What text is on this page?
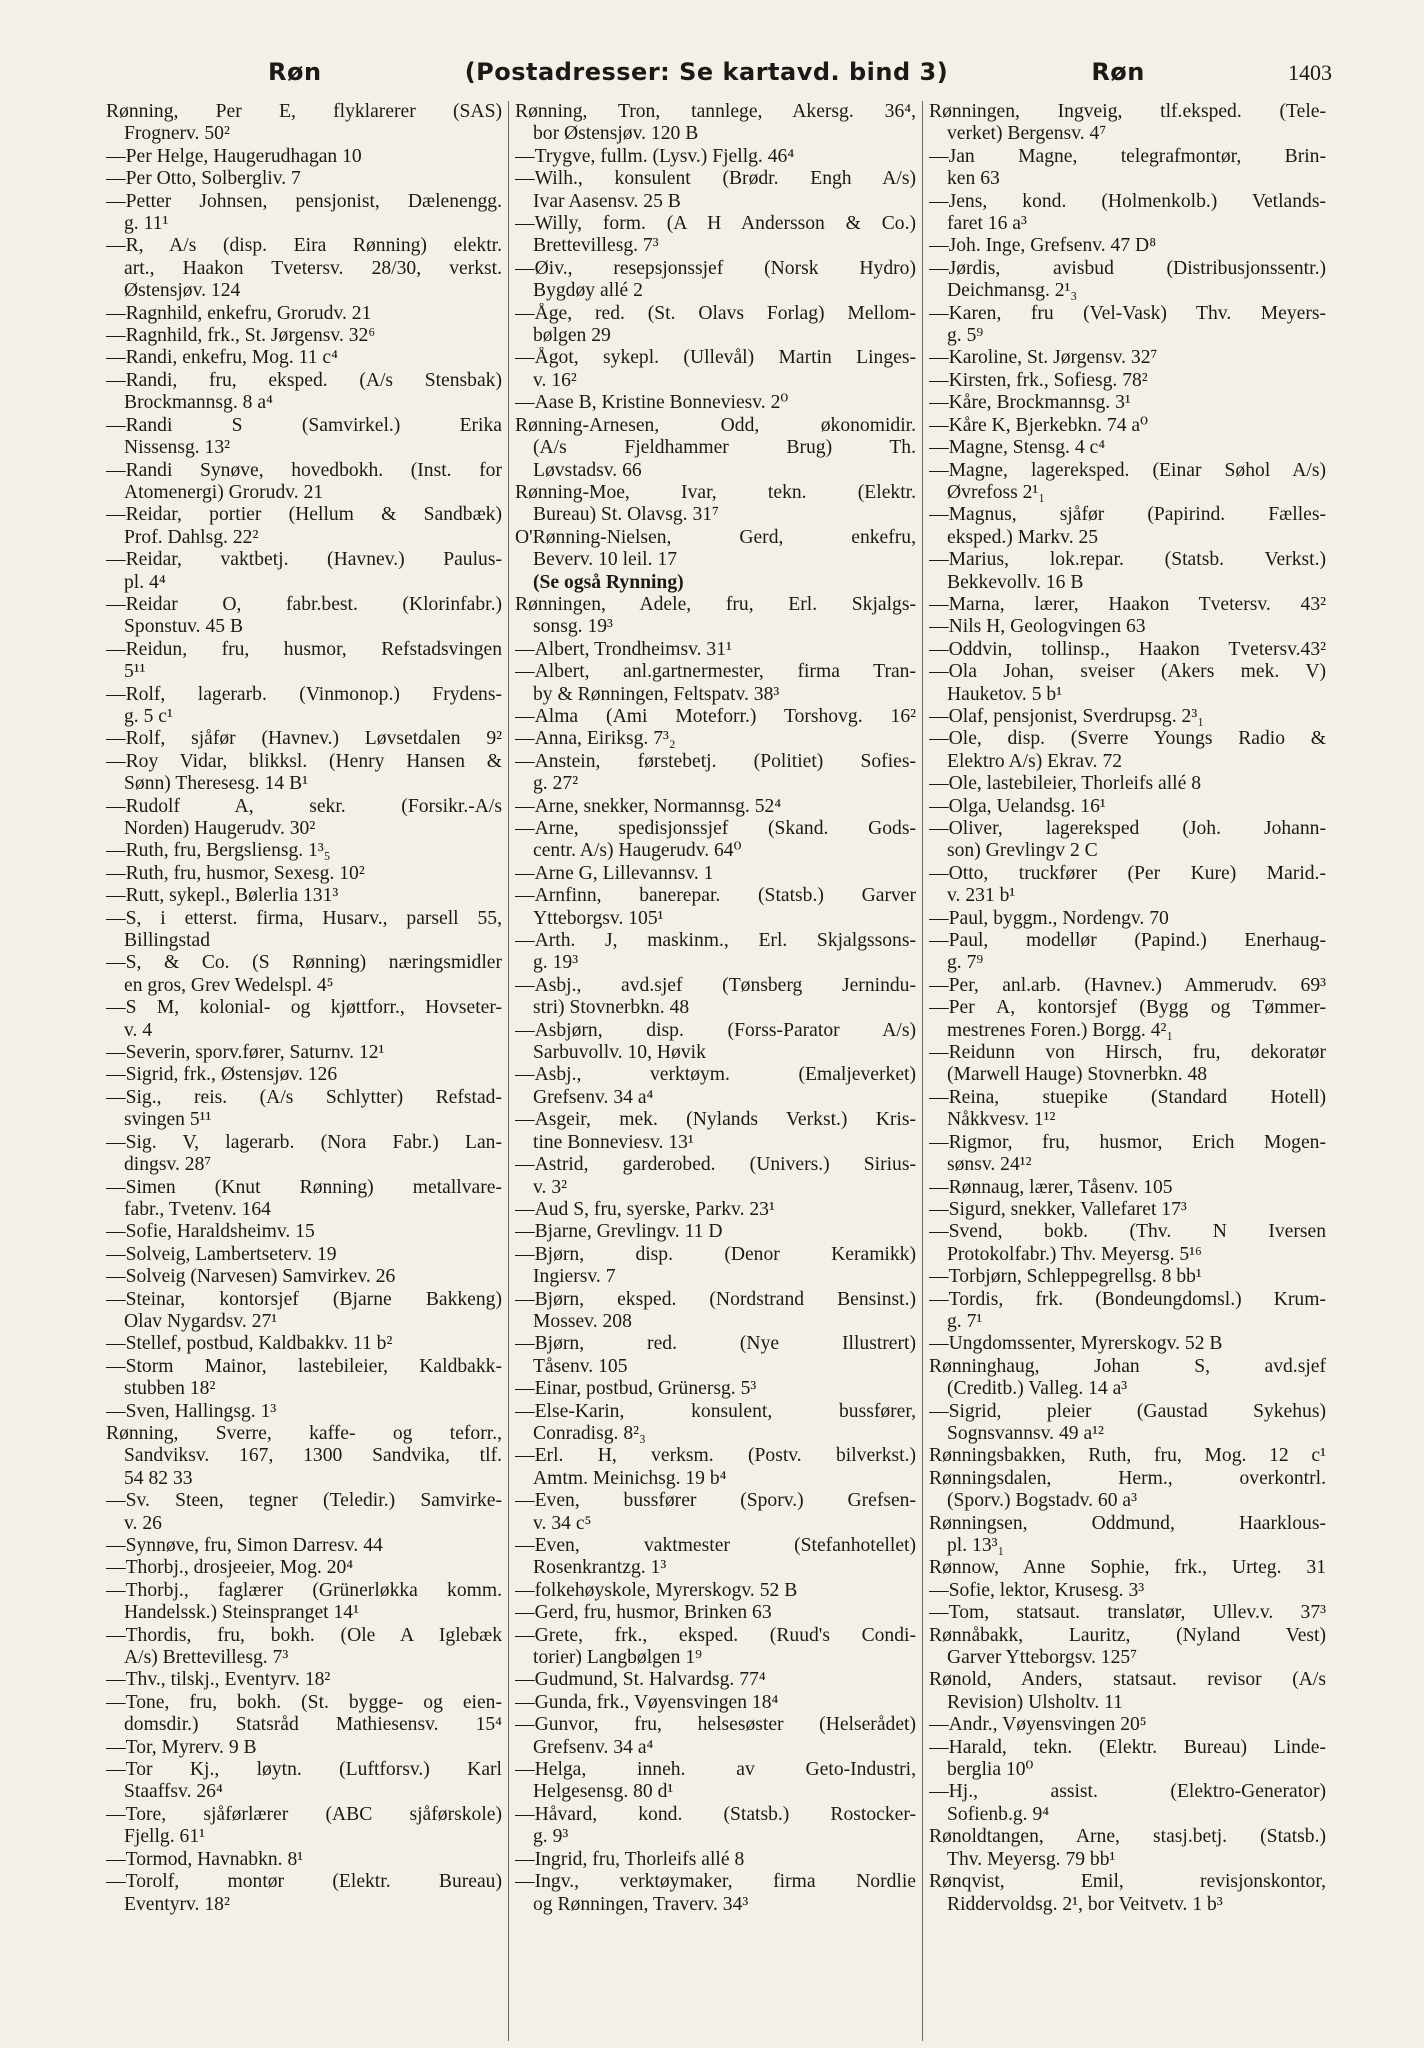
Røn	(Postadresser: Se kartavd. bind 3)	Røn	1403
Rønning, Per E, flyklarerer (SAS)
Frognerv. 50²
—Per Helge, Haugerudhagan 10
—Per Otto, Solbergliv. 7
—Petter Johnsen, pensjonist, Dælenengg.
g. 11¹
—R, A/s (disp. Eira Rønning) elektr.
art., Haakon Tvetersv. 28/30, verkst.
Østensjøv. 124
—Ragnhild, enkefru, Grorudv. 21
—Ragnhild, frk., St. Jørgensv. 32⁶
—Randi, enkefru, Mog. 11 c⁴
—Randi, fru, eksped. (A/s Stensbak)
Brockmannsg. 8 a⁴
—Randi S (Samvirkel.) Erika
Nissensg. 13²
—Randi Synøve, hovedbokh. (Inst. for
Atomenergi) Grorudv. 21
—Reidar, portier (Hellum & Sandbæk)
Prof. Dahlsg. 22²
—Reidar, vaktbetj. (Havnev.) Paulus-
pl. 4⁴
—Reidar O, fabr.best. (Klorinfabr.)
Sponstuv. 45 B
—Reidun, fru, husmor, Refstadsvingen
5¹¹
—Rolf, lagerarb. (Vinmonop.) Frydens-
g. 5 c¹
—Rolf, sjåfør (Havnev.) Løvsetdalen 9²
—Roy Vidar, blikksl. (Henry Hansen &
Sønn) Theresesg. 14 B¹
—Rudolf A, sekr. (Forsikr.-A/s
Norden) Haugerudv. 30²
—Ruth, fru, Bergsliensg. 1³₅
—Ruth, fru, husmor, Sexesg. 10²
—Rutt, sykepl., Bølerlia 131³
—S, i etterst. firma, Husarv., parsell 55,
Billingstad
—S, & Co. (S Rønning) næringsmidler
en gros, Grev Wedelspl. 4⁵
—S M, kolonial- og kjøttforr., Hovseter-
v. 4
—Severin, sporv.fører, Saturnv. 12¹
—Sigrid, frk., Østensjøv. 126
—Sig., reis. (A/s Schlytter) Refstad-
svingen 5¹¹
—Sig. V, lagerarb. (Nora Fabr.) Lan-
dingsv. 28⁷
—Simen (Knut Rønning) metallvare-
fabr., Tvetenv. 164
—Sofie, Haraldsheimv. 15
—Solveig, Lambertseterv. 19
—Solveig (Narvesen) Samvirkev. 26
—Steinar, kontorsjef (Bjarne Bakkeng)
Olav Nygardsv. 27¹
—Stellef, postbud, Kaldbakkv. 11 b²
—Storm Mainor, lastebileier, Kaldbakk-
stubben 18²
—Sven, Hallingsg. 1³
Rønning, Sverre, kaffe- og teforr.,
Sandviksv. 167, 1300 Sandvika, tlf.
54 82 33
—Sv. Steen, tegner (Teledir.) Samvirke-
v. 26
—Synnøve, fru, Simon Darresv. 44
—Thorbj., drosjeeier, Mog. 20⁴
—Thorbj., faglærer (Grünerløkka komm.
Handelssk.) Steinspranget 14¹
—Thordis, fru, bokh. (Ole A Iglebæk
A/s) Brettevillesg. 7³
—Thv., tilskj., Eventyrv. 18²
—Tone, fru, bokh. (St. bygge- og eien-
domsdir.) Statsråd Mathiesensv. 15⁴
—Tor, Myrerv. 9 B
—Tor Kj., løytn. (Luftforsv.) Karl
Staaffsv. 26⁴
—Tore, sjåførlærer (ABC sjåførskole)
Fjellg. 61¹
—Tormod, Havnabkn. 8¹
—Torolf, montør (Elektr. Bureau)
Eventyrv. 18²
Rønning, Tron, tannlege, Akersg. 36⁴,
bor Østensjøv. 120 B
—Trygve, fullm. (Lysv.) Fjellg. 46⁴
—Wilh., konsulent (Brødr. Engh A/s)
Ivar Aasensv. 25 B
—Willy, form. (A H Andersson & Co.)
Brettevillesg. 7³
—Øiv., resepsjonssjef (Norsk Hydro)
Bygdøy allé 2
—Åge, red. (St. Olavs Forlag) Mellom-
bølgen 29
—Ågot, sykepl. (Ullevål) Martin Linges-
v. 16²
—Aase B, Kristine Bonneviesv. 2⁰
Rønning-Arnesen, Odd, økonomidir.
(A/s Fjeldhammer Brug) Th.
Løvstadsv. 66
Rønning-Moe, Ivar, tekn. (Elektr.
Bureau) St. Olavsg. 31⁷
O'Rønning-Nielsen, Gerd, enkefru,
Beverv. 10 leil. 17
(Se også Rynning)
Rønningen, Adele, fru, Erl. Skjalgs-
sonsg. 19³
—Albert, Trondheimsv. 31¹
—Albert, anl.gartnermester, firma Tran-
by & Rønningen, Feltspatv. 38³
—Alma (Ami Moteforr.) Torshovg. 16²
—Anna, Eiriksg. 7³₂
—Anstein, førstebetj. (Politiet) Sofies-
g. 27²
—Arne, snekker, Normannsg. 52⁴
—Arne, spedisjonssjef (Skand. Gods-
centr. A/s) Haugerudv. 64⁰
—Arne G, Lillevannsv. 1
—Arnfinn, banerepar. (Statsb.) Garver
Ytteborgsv. 105¹
—Arth. J, maskinm., Erl. Skjalgssons-
g. 19³
—Asbj., avd.sjef (Tønsberg Jernindu-
stri) Stovnerbkn. 48
—Asbjørn, disp. (Forss-Parator A/s)
Sarbuvollv. 10, Høvik
—Asbj., verktøym. (Emaljeverket)
Grefsenv. 34 a⁴
—Asgeir, mek. (Nylands Verkst.) Kris-
tine Bonneviesv. 13¹
—Astrid, garderobed. (Univers.) Sirius-
v. 3²
—Aud S, fru, syerske, Parkv. 23¹
—Bjarne, Grevlingv. 11 D
—Bjørn, disp. (Denor Keramikk)
Ingiersv. 7
—Bjørn, eksped. (Nordstrand Bensinst.)
Mossev. 208
—Bjørn, red. (Nye Illustrert)
Tåsenv. 105
—Einar, postbud, Grünersg. 5³
—Else-Karin, konsulent, bussfører,
Conradisg. 8²₃
—Erl. H, verksm. (Postv. bilverkst.)
Amtm. Meinichsg. 19 b⁴
—Even, bussfører (Sporv.) Grefsen-
v. 34 c⁵
—Even, vaktmester (Stefanhotellet)
Rosenkrantzg. 1³
—folkehøyskole, Myrerskogv. 52 B
—Gerd, fru, husmor, Brinken 63
—Grete, frk., eksped. (Ruud's Condi-
torier) Langbølgen 1⁹
—Gudmund, St. Halvardsg. 77⁴
—Gunda, frk., Vøyensvingen 18⁴
—Gunvor, fru, helsesøster (Helserådet)
Grefsenv. 34 a⁴
—Helga, inneh. av Geto-Industri,
Helgesensg. 80 d¹
—Håvard, kond. (Statsb.) Rostocker-
g. 9³
—Ingrid, fru, Thorleifs allé 8
—Ingv., verktøymaker, firma Nordlie
og Rønningen, Traverv. 34³
Rønningen, Ingveig, tlf.eksped. (Tele-
verket) Bergensv. 4⁷
—Jan Magne, telegrafmontør, Brin-
ken 63
—Jens, kond. (Holmenkolb.) Vetlands-
faret 16 a³
—Joh. Inge, Grefsenv. 47 D⁸
—Jørdis, avisbud (Distribusjonssentr.)
Deichmansg. 2¹₃
—Karen, fru (Vel-Vask) Thv. Meyers-
g. 5⁹
—Karoline, St. Jørgensv. 32⁷
—Kirsten, frk., Sofiesg. 78²
—Kåre, Brockmannsg. 3¹
—Kåre K, Bjerkebkn. 74 a⁰
—Magne, Stensg. 4 c⁴
—Magne, lagereksped. (Einar Søhol A/s)
Øvrefoss 2¹₁
—Magnus, sjåfør (Papirind. Fælles-
eksped.) Markv. 25
—Marius, lok.repar. (Statsb. Verkst.)
Bekkevollv. 16 B
—Marna, lærer, Haakon Tvetersv. 43²
—Nils H, Geologvingen 63
—Oddvin, tollinsp., Haakon Tvetersv.43²
—Ola Johan, sveiser (Akers mek. V)
Hauketov. 5 b¹
—Olaf, pensjonist, Sverdrupsg. 2³₁
—Ole, disp. (Sverre Youngs Radio &
Elektro A/s) Ekrav. 72
—Ole, lastebileier, Thorleifs allé 8
—Olga, Uelandsg. 16¹
—Oliver, lagereksped (Joh. Johann-
son) Grevlingv 2 C
—Otto, truckfører (Per Kure) Marid.-
v. 231 b¹
—Paul, byggm., Nordengv. 70
—Paul, modellør (Papind.) Enerhaug-
g. 7⁹
—Per, anl.arb. (Havnev.) Ammerudv. 69³
—Per A, kontorsjef (Bygg og Tømmer-
mestrenes Foren.) Borgg. 4²₁
—Reidunn von Hirsch, fru, dekoratør
(Marwell Hauge) Stovnerbkn. 48
—Reina, stuepike (Standard Hotell)
Nåkkvesv. 1¹²
—Rigmor, fru, husmor, Erich Mogen-
sønsv. 24¹²
—Rønnaug, lærer, Tåsenv. 105
—Sigurd, snekker, Vallefaret 17³
—Svend, bokb. (Thv. N Iversen
Protokolfabr.) Thv. Meyersg. 5¹⁶
—Torbjørn, Schleppegrellsg. 8 bb¹
—Tordis, frk. (Bondeungdomsl.) Krum-
g. 7¹
—Ungdomssenter, Myrerskogv. 52 B
Rønninghaug, Johan S, avd.sjef
(Creditb.) Valleg. 14 a³
—Sigrid, pleier (Gaustad Sykehus)
Sognsvannsv. 49 a¹²
Rønningsbakken, Ruth, fru, Mog. 12 c¹
Rønningsdalen, Herm., overkontrl.
(Sporv.) Bogstadv. 60 a³
Rønningsen, Oddmund, Haarklous-
pl. 13³₁
Rønnow, Anne Sophie, frk., Urteg. 31
—Sofie, lektor, Krusesg. 3³
—Tom, statsaut. translatør, Ullev.v. 37³
Rønnåbakk, Lauritz, (Nyland Vest)
Garver Ytteborgsv. 125⁷
Rønold, Anders, statsaut. revisor (A/s
Revision) Ulsholtv. 11
—Andr., Vøyensvingen 20⁵
—Harald, tekn. (Elektr. Bureau) Linde-
berglia 10⁰
—Hj., assist. (Elektro-Generator)
Sofienb.g. 9⁴
Rønoldtangen, Arne, stasj.betj. (Statsb.)
Thv. Meyersg. 79 bb¹
Rønqvist, Emil, revisjonskontor,
Riddervoldsg. 2¹, bor Veitvetv. 1 b³
